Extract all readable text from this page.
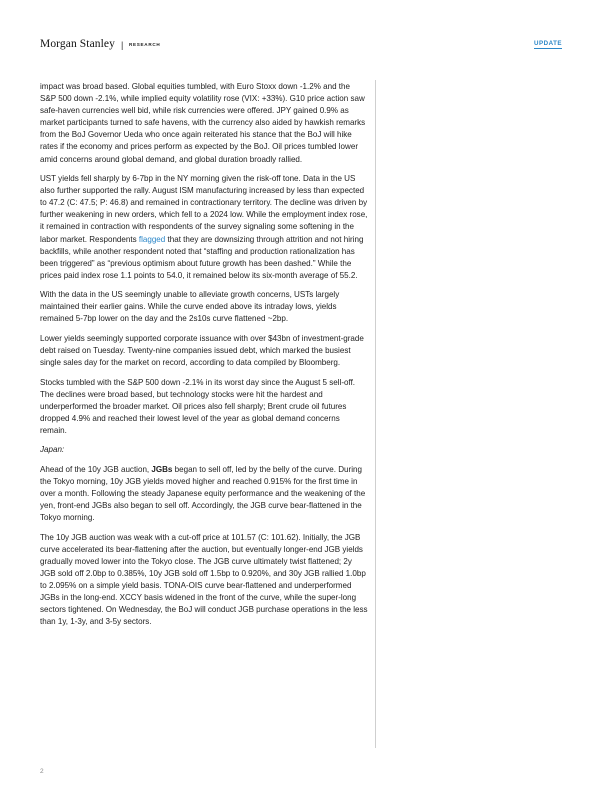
Morgan Stanley | RESEARCH	UPDATE

impact was broad based. Global equities tumbled, with Euro Stoxx down -1.2% and the S&P 500 down -2.1%, while implied equity volatility rose (VIX: +33%). G10 price action saw safe-haven currencies well bid, while risk currencies were offered. JPY gained 0.9% as market participants turned to safe havens, with the currency also aided by hawkish remarks from the BoJ Governor Ueda who once again reiterated his stance that the BoJ will hike rates if the economy and prices perform as expected by the BoJ. Oil prices tumbled lower amid concerns around global demand, and global duration broadly rallied.

UST yields fell sharply by 6-7bp in the NY morning given the risk-off tone. Data in the US also further supported the rally. August ISM manufacturing increased by less than expected to 47.2 (C: 47.5; P: 46.8) and remained in contractionary territory. The decline was driven by further weakening in new orders, which fell to a 2024 low. While the employment index rose, it remained in contraction with respondents of the survey signaling some softening in the labor market. Respondents flagged that they are downsizing through attrition and not hiring backfills, while another respondent noted that “staffing and production rationalization has been triggered” as “previous optimism about future growth has been dashed.” While the prices paid index rose 1.1 points to 54.0, it remained below its six-month average of 55.2.

With the data in the US seemingly unable to alleviate growth concerns, USTs largely maintained their earlier gains. While the curve ended above its intraday lows, yields remained 5-7bp lower on the day and the 2s10s curve flattened ~2bp.

Lower yields seemingly supported corporate issuance with over $43bn of investment-grade debt raised on Tuesday. Twenty-nine companies issued debt, which marked the busiest single sales day for the market on record, according to data compiled by Bloomberg.

Stocks tumbled with the S&P 500 down -2.1% in its worst day since the August 5 sell-off. The declines were broad based, but technology stocks were hit the hardest and underperformed the broader market. Oil prices also fell sharply; Brent crude oil futures dropped 4.9% and reached their lowest level of the year as global demand concerns remain.

Japan:

Ahead of the 10y JGB auction, JGBs began to sell off, led by the belly of the curve. During the Tokyo morning, 10y JGB yields moved higher and reached 0.915% for the first time in over a month. Following the steady Japanese equity performance and the weakening of the yen, front-end JGBs also began to sell off. Accordingly, the JGB curve bear-flattened in the Tokyo morning.

The 10y JGB auction was weak with a cut-off price at 101.57 (C: 101.62). Initially, the JGB curve accelerated its bear-flattening after the auction, but eventually longer-end JGB yields gradually moved lower into the Tokyo close. The JGB curve ultimately twist flattened; 2y JGB sold off 2.0bp to 0.385%, 10y JGB sold off 1.5bp to 0.920%, and 30y JGB rallied 1.0bp to 2.095% on a simple yield basis. TONA-OIS curve bear-flattened and underperformed JGBs in the long-end. XCCY basis widened in the front of the curve, while the super-long sectors tightened. On Wednesday, the BoJ will conduct JGB purchase operations in the less than 1y, 1-3y, and 3-5y sectors.

2
